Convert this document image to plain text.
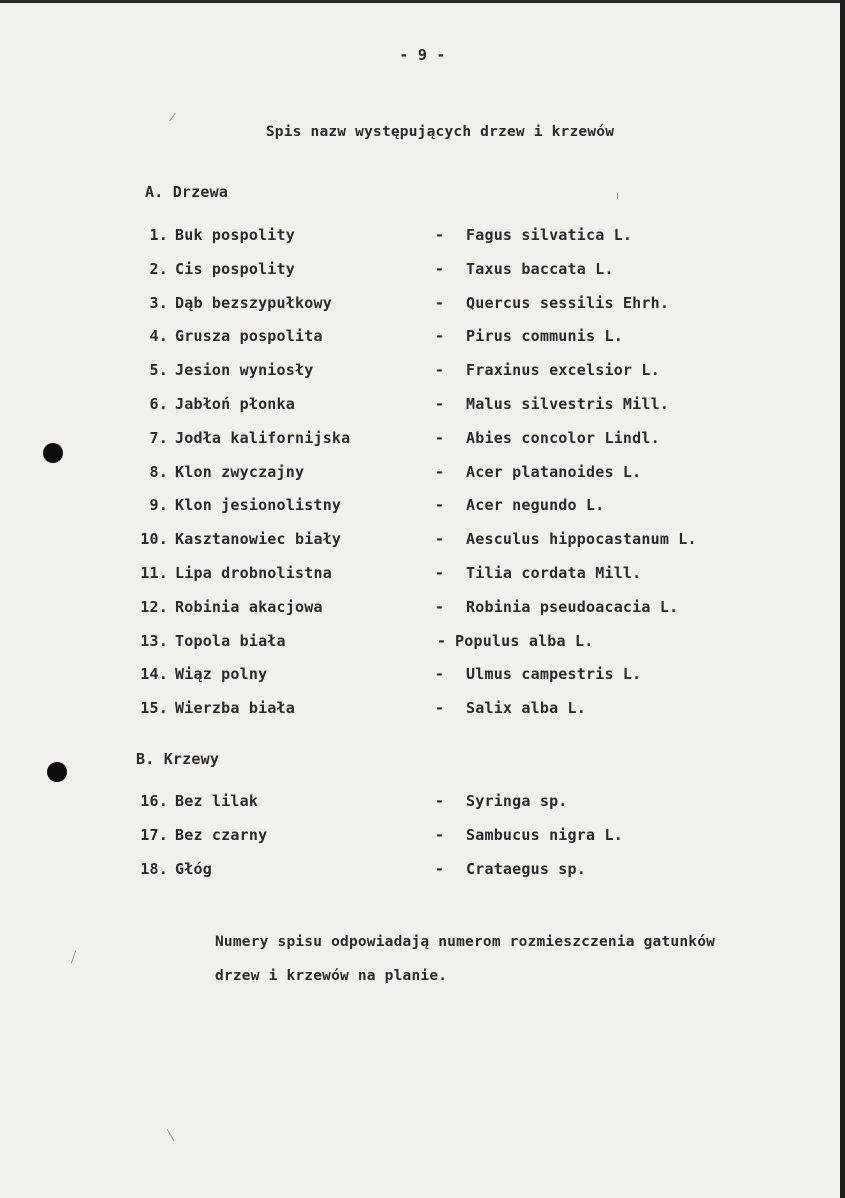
- 9 -
Spis nazw występujących drzew i krzewów
A. Drzewa
1. Buk pospolity	- Fagus silvatica L.
2. Cis pospolity	- Taxus baccata L.
3. Dąb bezszypułkowy	- Quercus sessilis Ehrh.
4. Grusza pospolita	- Pirus communis L.
5. Jesion wyniosły	- Fraxinus excelsior L.
6. Jabłoń płonka	- Malus silvestris Mill.
7. Jodła kalifornijska	- Abies concolor Lindl.
8. Klon zwyczajny	- Acer platanoides L.
9. Klon jesionolistny	- Acer negundo L.
10. Kasztanowiec biały	- Aesculus hippocastanum L.
11. Lipa drobnolistna	- Tilia cordata Mill.
12. Robinia akacjowa	- Robinia pseudoacacia L.
13. Topola biała	- Populus alba L.
14. Wiąz polny	- Ulmus campestris L.
15. Wierzba biała	- Salix alba L.
B. Krzewy
16. Bez lilak	- Syringa sp.
17. Bez czarny	- Sambucus nigra L.
18. Głóg	- Crataegus sp.
Numery spisu odpowiadają numerom rozmieszczenia gatunków
drzew i krzewów na planie.
